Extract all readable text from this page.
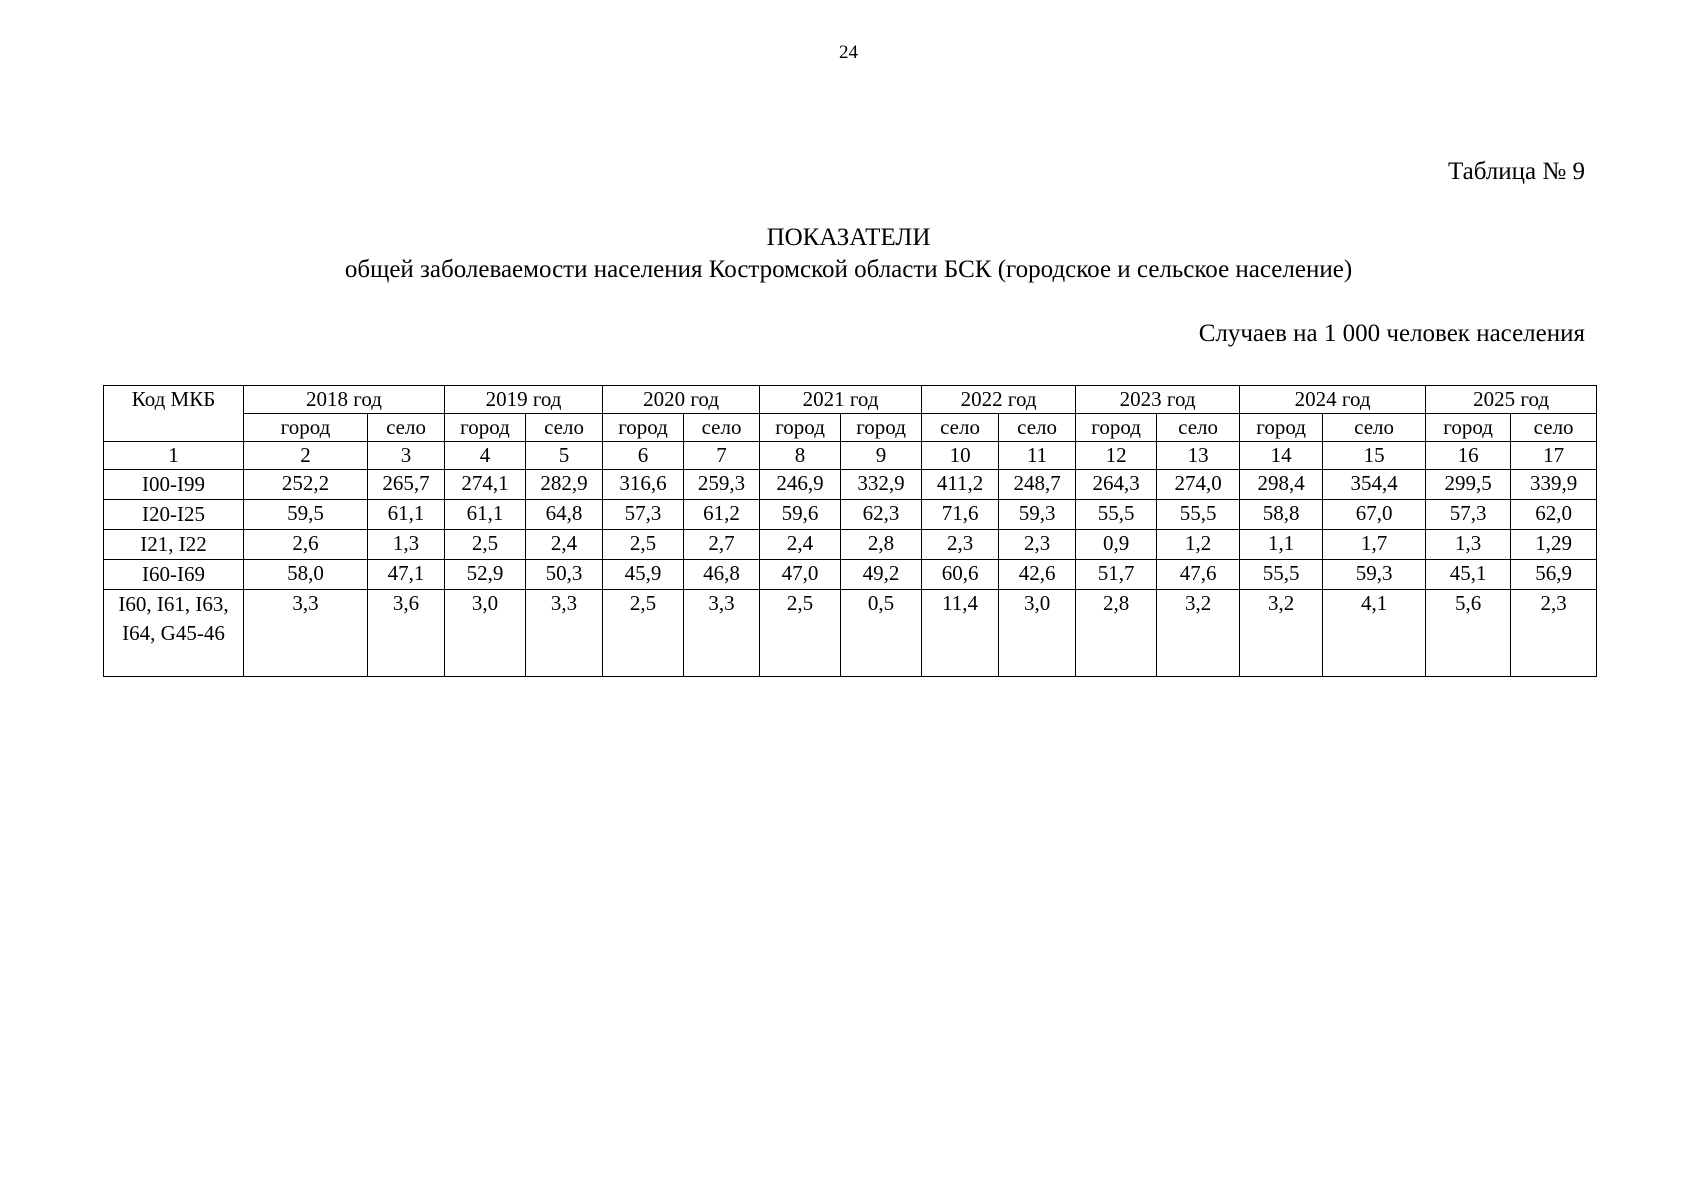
24
Таблица № 9
ПОКАЗАТЕЛИ
общей заболеваемости населения Костромской области БСК (городское и сельское население)
Случаев на 1 000 человек населения
Код МКБ	2018 год		2019 год		2020 год		2021 год		2022 год		2023 год		2024 год		2025 год	
	город	село	город	село	город	село	город	город	село	село	город	село	город	село	город	село
1	2	3	4	5	6	7	8	9	10	11	12	13	14	15	16	17
I00-I99	252,2	265,7	274,1	282,9	316,6	259,3	246,9	332,9	411,2	248,7	264,3	274,0	298,4	354,4	299,5	339,9
I20-I25	59,5	61,1	61,1	64,8	57,3	61,2	59,6	62,3	71,6	59,3	55,5	55,5	58,8	67,0	57,3	62,0
I21, I22	2,6	1,3	2,5	2,4	2,5	2,7	2,4	2,8	2,3	2,3	0,9	1,2	1,1	1,7	1,3	1,29
I60-I69	58,0	47,1	52,9	50,3	45,9	46,8	47,0	49,2	60,6	42,6	51,7	47,6	55,5	59,3	45,1	56,9
I60, I61, I63, I64, G45-46	3,3	3,6	3,0	3,3	2,5	3,3	2,5	0,5	11,4	3,0	2,8	3,2	3,2	4,1	5,6	2,3
